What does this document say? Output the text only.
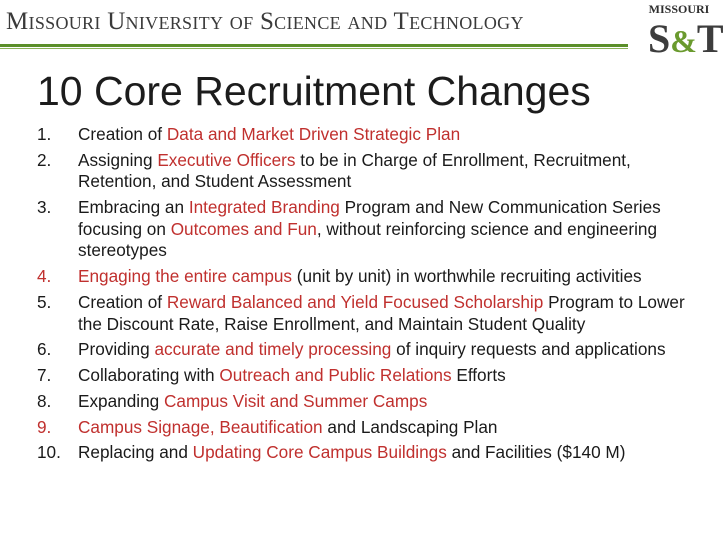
Missouri University of Science and Technology	MISSOURI
S&T
10 Core Recruitment Changes
1. Creation of Data and Market Driven Strategic Plan
2. Assigning Executive Officers to be in Charge of Enrollment, Recruitment, Retention, and Student Assessment
3. Embracing an Integrated Branding Program and New Communication Series focusing on Outcomes and Fun, without reinforcing science and engineering stereotypes
4. Engaging the entire campus (unit by unit) in worthwhile recruiting activities
5. Creation of Reward Balanced and Yield Focused Scholarship Program to Lower the Discount Rate, Raise Enrollment, and Maintain Student Quality
6. Providing accurate and timely processing of inquiry requests and applications
7. Collaborating with Outreach and Public Relations Efforts
8. Expanding Campus Visit and Summer Camps
9. Campus Signage, Beautification and Landscaping Plan
10. Replacing and Updating Core Campus Buildings and Facilities ($140 M)
